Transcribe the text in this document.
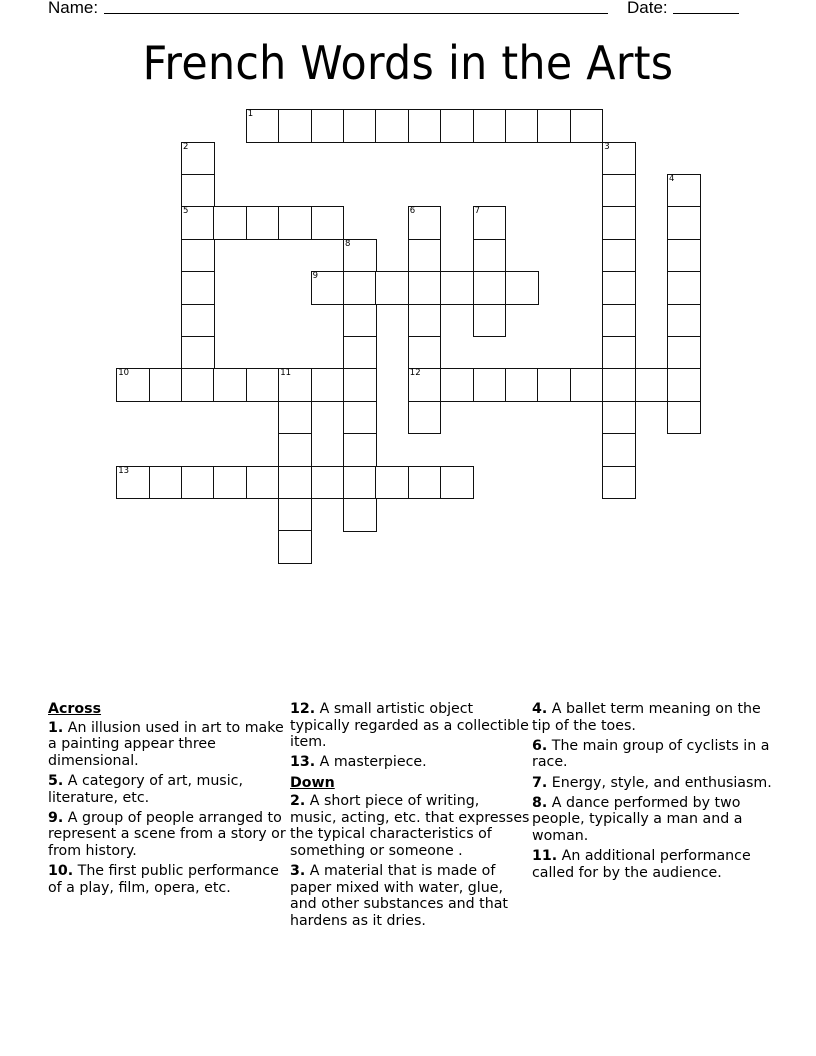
Name:	Date:
French Words in the Arts
1
2
5
3
4
6
12
7
8
9
10	11
13
Across
1. An illusion used in art to make a painting appear three dimensional.
5. A category of art, music, literature, etc.
9. A group of people arranged to represent a scene from a story or from history.
10. The first public performance of a play, film, opera, etc.
12. A small artistic object typically regarded as a collectible item.
13. A masterpiece.
Down
2. A short piece of writing, music, acting, etc. that expresses the typical characteristics of something or someone .
3. A material that is made of paper mixed with water, glue, and other substances and that hardens as it dries.
4. A ballet term meaning on the tip of the toes.
6. The main group of cyclists in a race.
7. Energy, style, and enthusiasm.
8. A dance performed by two people, typically a man and a woman.
11. An additional performance called for by the audience.
